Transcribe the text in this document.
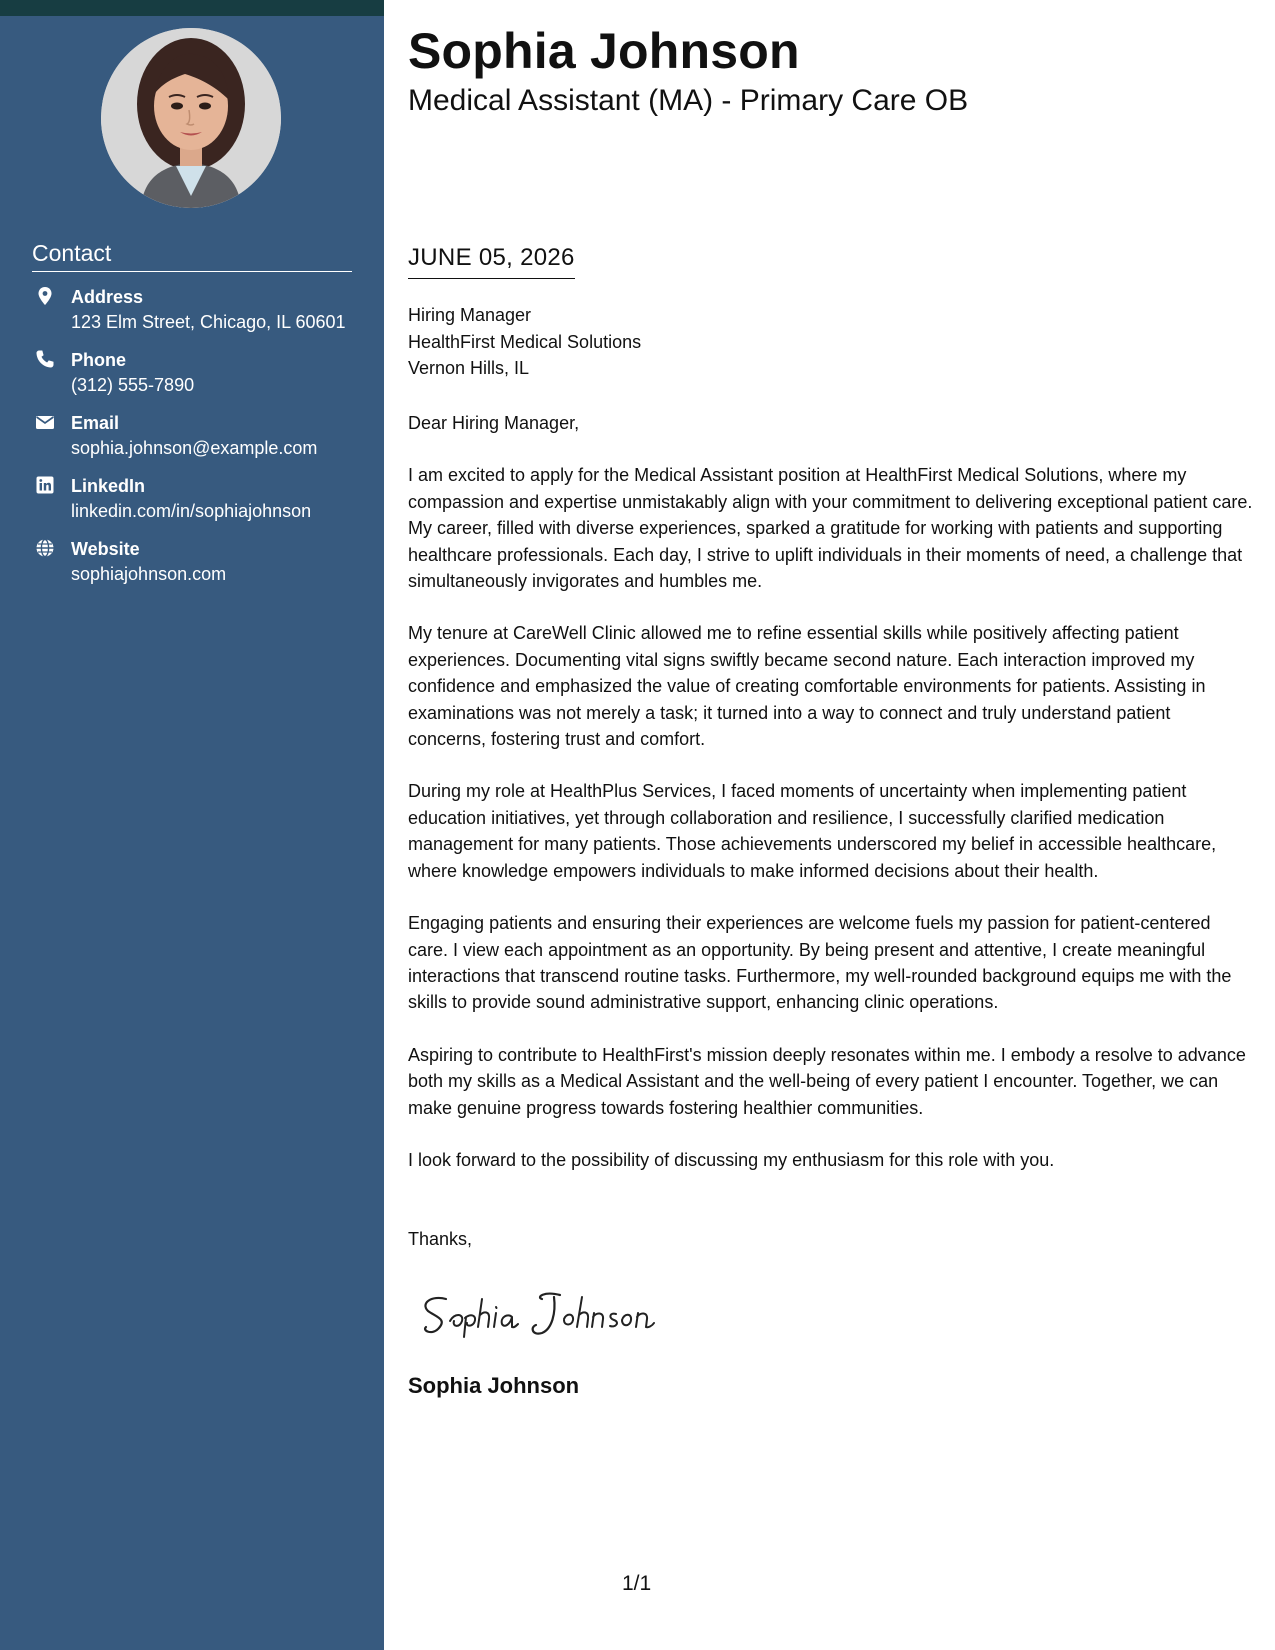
Contact
Address
123 Elm Street, Chicago, IL 60601
Phone
(312) 555-7890
Email
sophia.johnson@example.com
LinkedIn
linkedin.com/in/sophiajohnson
Website
sophiajohnson.com
Sophia Johnson
Medical Assistant (MA) - Primary Care OB
JUNE 05, 2026
Hiring Manager
HealthFirst Medical Solutions
Vernon Hills, IL

Dear Hiring Manager,

I am excited to apply for the Medical Assistant position at HealthFirst Medical Solutions, where my compassion and expertise unmistakably align with your commitment to delivering exceptional patient care. My career, filled with diverse experiences, sparked a gratitude for working with patients and supporting healthcare professionals. Each day, I strive to uplift individuals in their moments of need, a challenge that simultaneously invigorates and humbles me.

My tenure at CareWell Clinic allowed me to refine essential skills while positively affecting patient experiences. Documenting vital signs swiftly became second nature. Each interaction improved my confidence and emphasized the value of creating comfortable environments for patients. Assisting in examinations was not merely a task; it turned into a way to connect and truly understand patient concerns, fostering trust and comfort.

During my role at HealthPlus Services, I faced moments of uncertainty when implementing patient education initiatives, yet through collaboration and resilience, I successfully clarified medication management for many patients. Those achievements underscored my belief in accessible healthcare, where knowledge empowers individuals to make informed decisions about their health.

Engaging patients and ensuring their experiences are welcome fuels my passion for patient-centered care. I view each appointment as an opportunity. By being present and attentive, I create meaningful interactions that transcend routine tasks. Furthermore, my well-rounded background equips me with the skills to provide sound administrative support, enhancing clinic operations.

Aspiring to contribute to HealthFirst's mission deeply resonates within me. I embody a resolve to advance both my skills as a Medical Assistant and the well-being of every patient I encounter. Together, we can make genuine progress towards fostering healthier communities.

I look forward to the possibility of discussing my enthusiasm for this role with you.

Thanks,
Sophia Johnson
1/1
